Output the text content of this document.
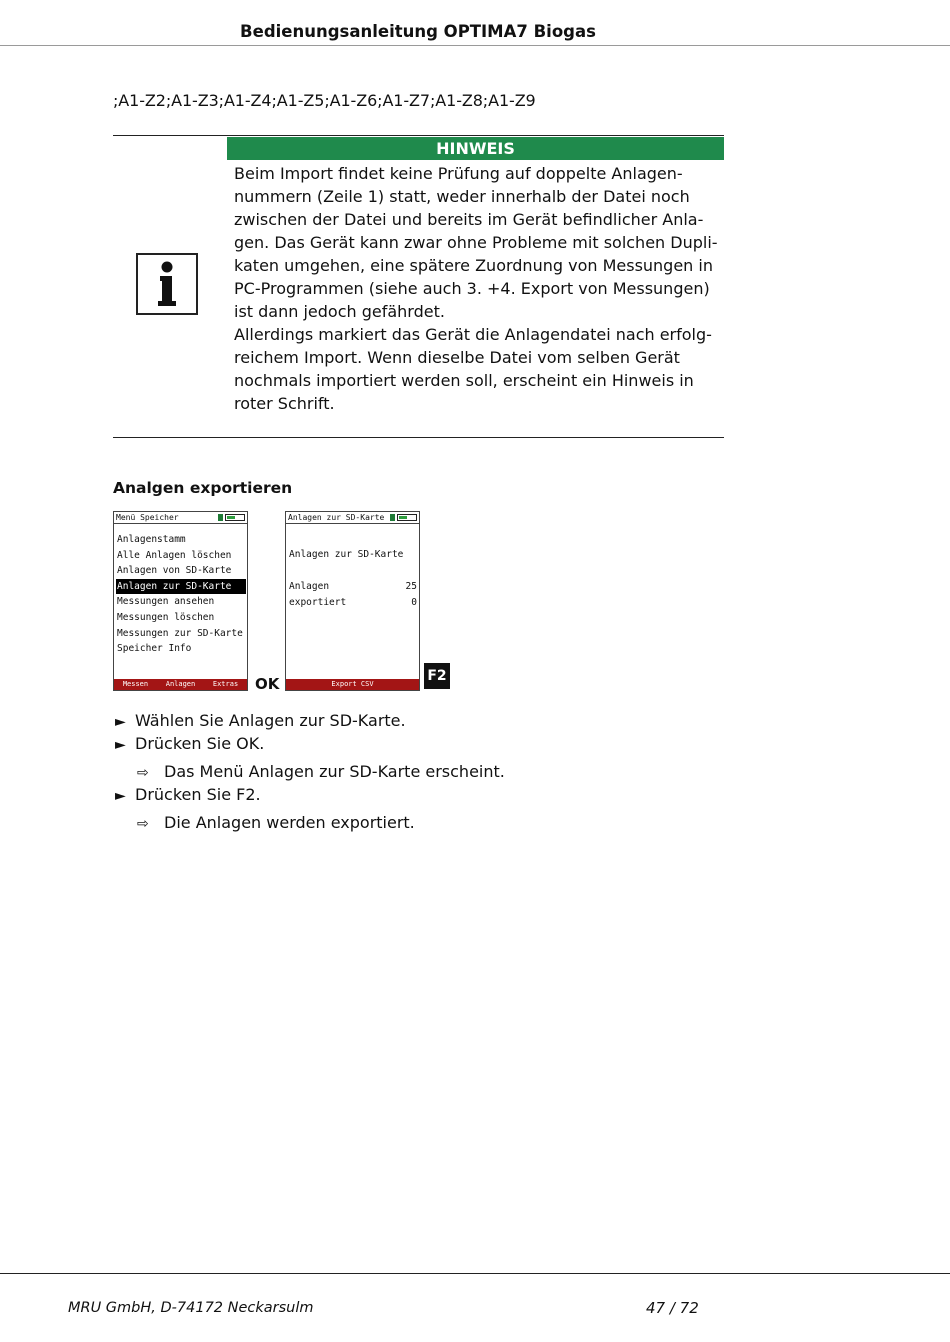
Bedienungsanleitung OPTIMA7 Biogas
;A1-Z2;A1-Z3;A1-Z4;A1-Z5;A1-Z6;A1-Z7;A1-Z8;A1-Z9
HINWEIS

Beim Import findet keine Prüfung auf doppelte Anlagen-
nummern (Zeile 1) statt, weder innerhalb der Datei noch
zwischen der Datei und bereits im Gerät befindlicher Anla-
gen. Das Gerät kann zwar ohne Probleme mit solchen Dupli-
katen umgehen, eine spätere Zuordnung von Messungen in
PC-Programmen (siehe auch 3. +4. Export von Messungen)
ist dann jedoch gefährdet.

Allerdings markiert das Gerät die Anlagendatei nach erfolg-
reichem Import. Wenn dieselbe Datei vom selben Gerät
nochmals importiert werden soll, erscheint ein Hinweis in
roter Schrift.

Analgen exportieren
Menü Speicher
Anlagenstamm
Alle Anlagen löschen
Anlagen von SD-Karte
Anlagen zur SD-Karte
Messungen ansehen
Messungen löschen
Messungen zur SD-Karte
Speicher Info
Messen	Anlagen	Extras OK
Anlagen zur SD-Karte
Anlagen zur SD-Karte
Anlagen	25
exportiert	0
Export CSV	F2
► Wählen Sie Anlagen zur SD-Karte.
► Drücken Sie OK.
⇨ Das Menü Anlagen zur SD-Karte erscheint.
► Drücken Sie F2.
⇨ Die Anlagen werden exportiert.
MRU GmbH, D-74172 Neckarsulm	47 / 72
